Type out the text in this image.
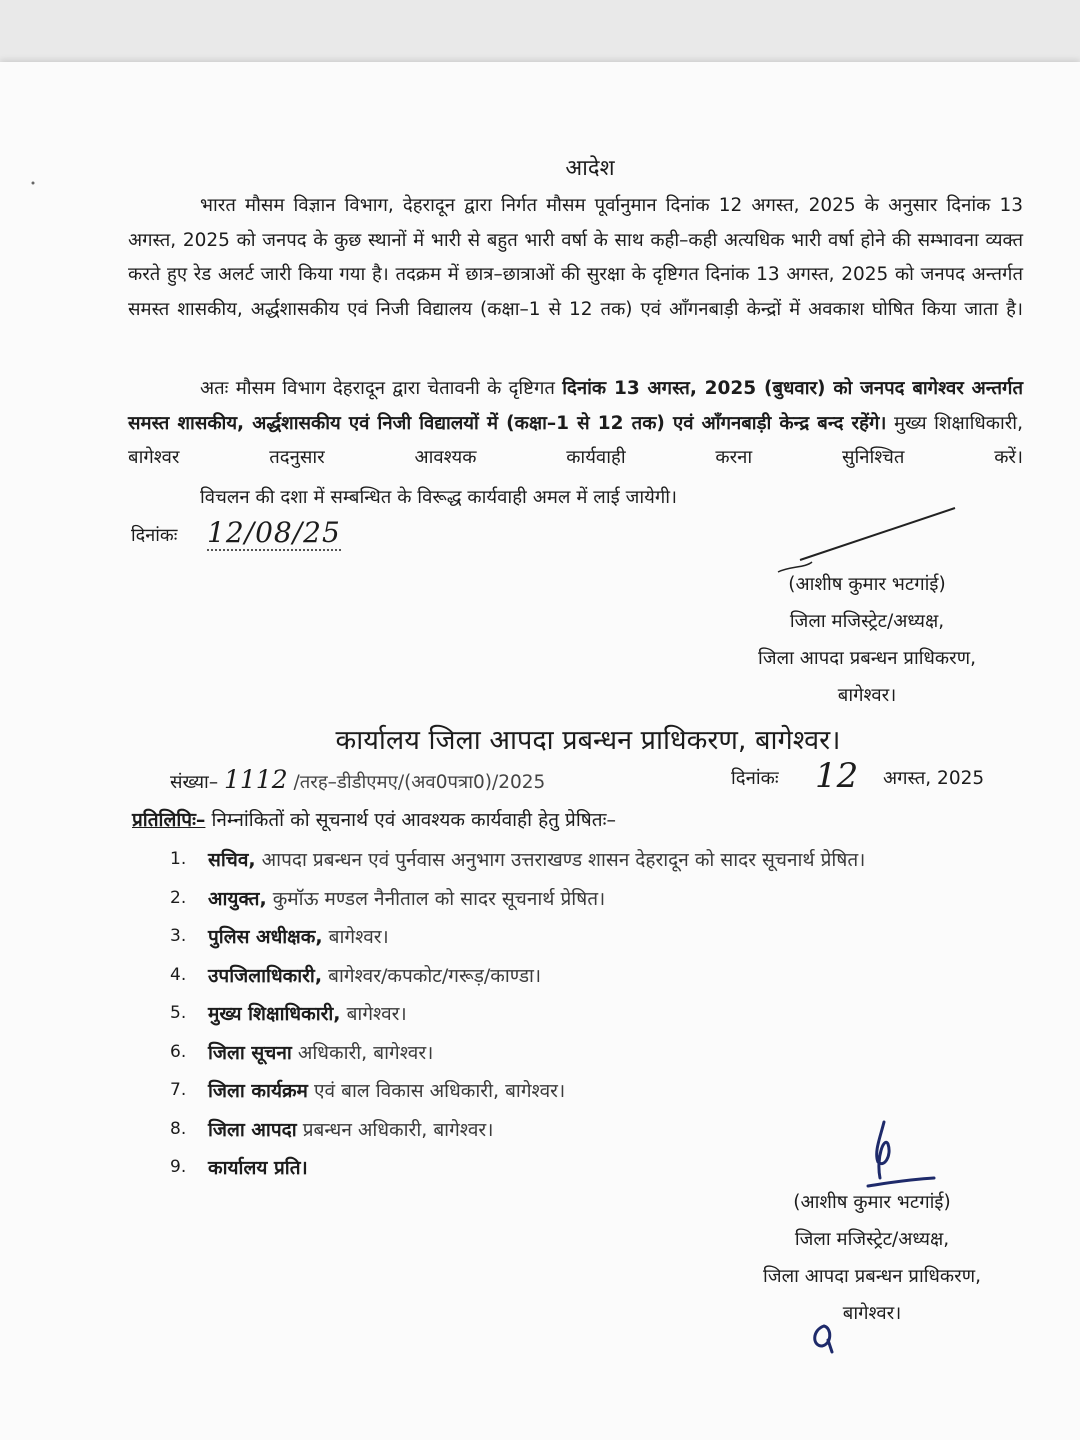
आदेश
भारत मौसम विज्ञान विभाग, देहरादून द्वारा निर्गत मौसम पूर्वानुमान दिनांक 12 अगस्त, 2025 के अनुसार दिनांक 13 अगस्त, 2025 को जनपद के कुछ स्थानों में भारी से बहुत भारी वर्षा के साथ कही–कही अत्यधिक भारी वर्षा होने की सम्भावना व्यक्त करते हुए रेड अलर्ट जारी किया गया है। तदक्रम में छात्र–छात्राओं की सुरक्षा के दृष्टिगत दिनांक 13 अगस्त, 2025 को जनपद अन्तर्गत समस्त शासकीय, अर्द्धशासकीय एवं निजी विद्यालय (कक्षा–1 से 12 तक) एवं आँगनबाड़ी केन्द्रों में अवकाश घोषित किया जाता है।
अतः मौसम विभाग देहरादून द्वारा चेतावनी के दृष्टिगत दिनांक 13 अगस्त, 2025 (बुधवार) को जनपद बागेश्वर अन्तर्गत समस्त शासकीय, अर्द्धशासकीय एवं निजी विद्यालयों में (कक्षा–1 से 12 तक) एवं आँगनबाड़ी केन्द्र बन्द रहेंगे। मुख्य शिक्षाधिकारी, बागेश्वर तदनुसार आवश्यक कार्यवाही करना सुनिश्चित करें।
विचलन की दशा में सम्बन्धित के विरूद्ध कार्यवाही अमल में लाई जायेगी।
दिनांकः 12/08/25
(आशीष कुमार भटगांई)
जिला मजिस्ट्रेट/अध्यक्ष,
जिला आपदा प्रबन्धन प्राधिकरण,
बागेश्वर।
कार्यालय जिला आपदा प्रबन्धन प्राधिकरण, बागेश्वर।
संख्या– 1112 /तरह–डीडीएमए/(अव0पत्रा0)/2025	दिनांकः 12 अगस्त, 2025
प्रतिलिपिः– निम्नांकितों को सूचनार्थ एवं आवश्यक कार्यवाही हेतु प्रेषितः–
1.	सचिव,
आपदा प्रबन्धन एवं पुर्नवास अनुभाग उत्तराखण्ड शासन देहरादून को सादर सूचनार्थ प्रेषित।
2.	आयुक्त,
कुमॉऊ मण्डल नैनीताल को सादर सूचनार्थ प्रेषित।
3.	पुलिस अधीक्षक,
बागेश्वर।
4.	उपजिलाधिकारी,
बागेश्वर/कपकोट/गरूड़/काण्डा।
5.	मुख्य शिक्षाधिकारी,
बागेश्वर।
6.	जिला सूचना
अधिकारी, बागेश्वर।
7.	जिला कार्यक्रम
एवं बाल विकास अधिकारी, बागेश्वर।
8.	जिला आपदा
प्रबन्धन अधिकारी, बागेश्वर।
9.	कार्यालय प्रति।

(आशीष कुमार भटगांई)
जिला मजिस्ट्रेट/अध्यक्ष,
जिला आपदा प्रबन्धन प्राधिकरण,
बागेश्वर।
